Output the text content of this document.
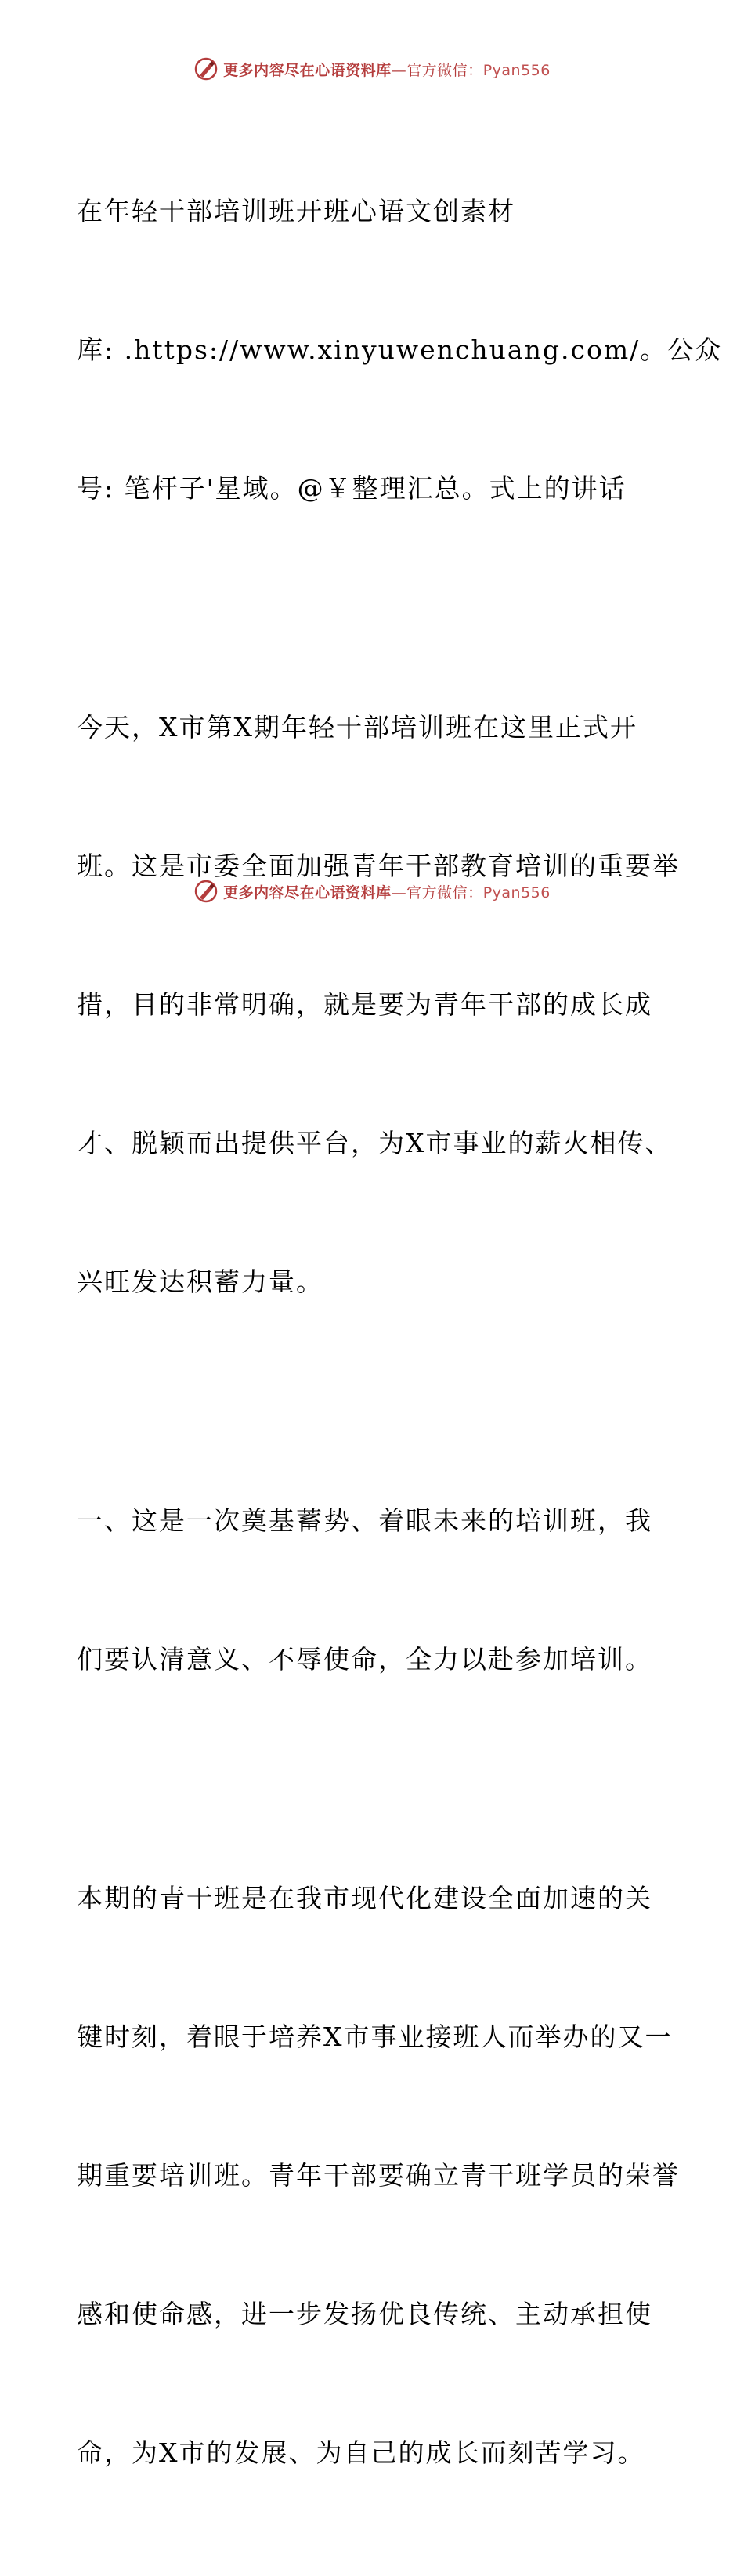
更多内容尽在心语资料库—官方微信：Pyan556

在年轻干部培训班开班心语文创素材

库: .https://www.xinyuwenchuang.com/。公众

号: 笔杆子'星域。@￥整理汇总。式上的讲话

今天，X市第X期年轻干部培训班在这里正式开

班。这是市委全面加强青年干部教育培训的重要举

措，目的非常明确，就是要为青年干部的成长成

才、脱颖而出提供平台，为X市事业的薪火相传、

兴旺发达积蓄力量。

一、这是一次奠基蓄势、着眼未来的培训班，我

们要认清意义、不辱使命，全力以赴参加培训。

本期的青干班是在我市现代化建设全面加速的关

键时刻，着眼于培养X市事业接班人而举办的又一

期重要培训班。青年干部要确立青干班学员的荣誉

感和使命感，进一步发扬优良传统、主动承担使

命，为X市的发展、为自己的成长而刻苦学习。

更多内容尽在心语资料库—官方微信：Pyan556
